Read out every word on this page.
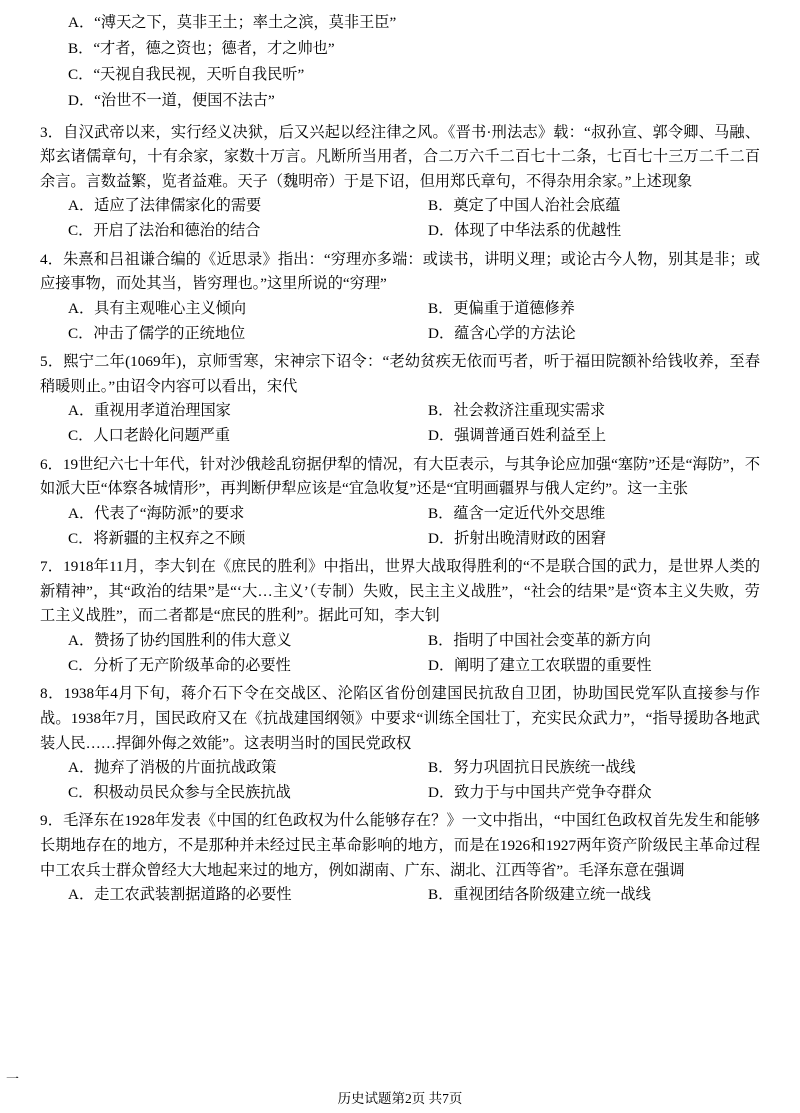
A．“溥天之下，莫非王土；率土之滨，莫非王臣”
B．“才者，德之资也；德者，才之帅也”
C．“天视自我民视，天听自我民听”
D．“治世不一道，便国不法古”

3．自汉武帝以来，实行经义决狱，后又兴起以经注律之风。《晋书·刑法志》载：“叔孙宣、郭令卿、马融、郑玄诸儒章句，十有余家，家数十万言。凡断所当用者，合二万六千二百七十二条，七百七十三万二千二百余言。言数益繁，览者益难。天子（魏明帝）于是下诏，但用郑氏章句，不得杂用余家。”上述现象

A．适应了法律儒家化的需要	B．奠定了中国人治社会底蕴
C．开启了法治和德治的结合	D．体现了中华法系的优越性

4．朱熹和吕祖谦合编的《近思录》指出：“穷理亦多端：或读书，讲明义理；或论古今人物，别其是非；或应接事物，而处其当，皆穷理也。”这里所说的“穷理”

A．具有主观唯心主义倾向	B．更偏重于道德修养
C．冲击了儒学的正统地位	D．蕴含心学的方法论

5．熙宁二年(1069年)，京师雪寒，宋神宗下诏令：“老幼贫疾无依而丐者，听于福田院额补给钱收养，至春稍暖则止。”由诏令内容可以看出，宋代

A．重视用孝道治理国家	B．社会救济注重现实需求
C．人口老龄化问题严重	D．强调普通百姓利益至上

6．19世纪六七十年代，针对沙俄趁乱窃据伊犁的情况，有大臣表示，与其争论应加强“塞防”还是“海防”，不如派大臣“体察各城情形”，再判断伊犁应该是“宜急收复”还是“宜明画疆界与俄人定约”。这一主张

A．代表了“海防派”的要求	B．蕴含一定近代外交思维
C．将新疆的主权弃之不顾	D．折射出晚清财政的困窘

7．1918年11月，李大钊在《庶民的胜利》中指出，世界大战取得胜利的“不是联合国的武力，是世界人类的新精神”，其“政治的结果”是“‘大…主义’（专制）失败，民主主义战胜”，“社会的结果”是“资本主义失败，劳工主义战胜”，而二者都是“庶民的胜利”。据此可知，李大钊

A．赞扬了协约国胜利的伟大意义	B．指明了中国社会变革的新方向
C．分析了无产阶级革命的必要性	D．阐明了建立工农联盟的重要性

8．1938年4月下旬，蒋介石下令在交战区、沦陷区省份创建国民抗敌自卫团，协助国民党军队直接参与作战。1938年7月，国民政府又在《抗战建国纲领》中要求“训练全国壮丁，充实民众武力”，“指导援助各地武装人民……捍御外侮之效能”。这表明当时的国民党政权

A．抛弃了消极的片面抗战政策	B．努力巩固抗日民族统一战线
C．积极动员民众参与全民族抗战	D．致力于与中国共产党争夺群众

9．毛泽东在1928年发表《中国的红色政权为什么能够存在？》一文中指出，“中国红色政权首先发生和能够长期地存在的地方，不是那种并未经过民主革命影响的地方，而是在1926和1927两年资产阶级民主革命过程中工农兵士群众曾经大大地起来过的地方，例如湖南、广东、湖北、江西等省”。毛泽东意在强调

A．走工农武装割据道路的必要性	B．重视团结各阶级建立统一战线
一
历史试题第2页 共7页
